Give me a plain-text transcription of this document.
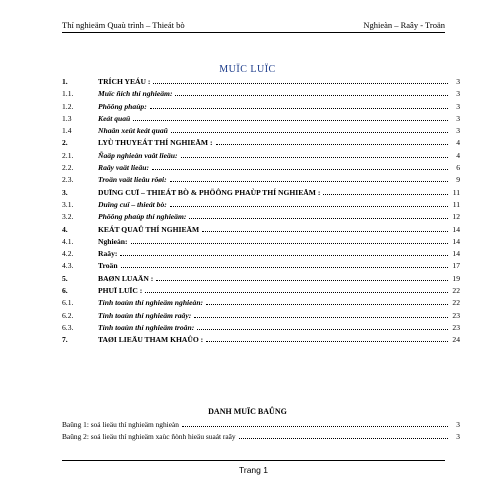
Thí nghieäm Quaù trình – Thieát bò	Nghieàn – Raây - Troän
MUÏC LUÏC
1.	TRÍCH YEÁU :	3
1.1.	Muïc ñích thí nghieäm:	3
1.2.	Phöông phaùp:	3
1.3	Keát quaû	3
1.4	Nhaän xeùt keát quaû	3
2.	LYÙ THUYEÁT THÍ NGHIEÄM :	4
2.1.	Ñaäp nghieàn vaät lieäu:	4
2.2.	Raây vaät lieäu:	6
2.3.	Troän vaät lieäu rôøi:	9
3.	DUÏNG CUÏ – THIEÁT BÒ & PHÖÔNG PHAÙP THÍ NGHIEÄM :	11
3.1.	Duïng cuï – thieát bò:	11
3.2.	Phöông phaùp thí nghieäm:	12
4.	KEÁT QUAÛ THÍ NGHIEÄM	14
4.1.	Nghieàn:	14
4.2.	Raây:	14
4.3.	Troän	17
5.	BAØN LUAÄN :	19
6.	PHUÏ LUÏC :	22
6.1.	Tính toaùn thí nghieäm nghieàn:	22
6.2.	Tính toaùn thí nghieäm raây:	23
6.3.	Tính toaùn thí nghieäm troän:	23
7.	TAØI LIEÄU THAM KHAÛO :	24
DANH MUÏC BAÛNG
Baûng 1: soá lieäu thí nghieäm nghieàn	3
Baûng 2: soá lieäu thí nghieäm xaùc ñònh hieäu suaát raây	3
Trang 1
